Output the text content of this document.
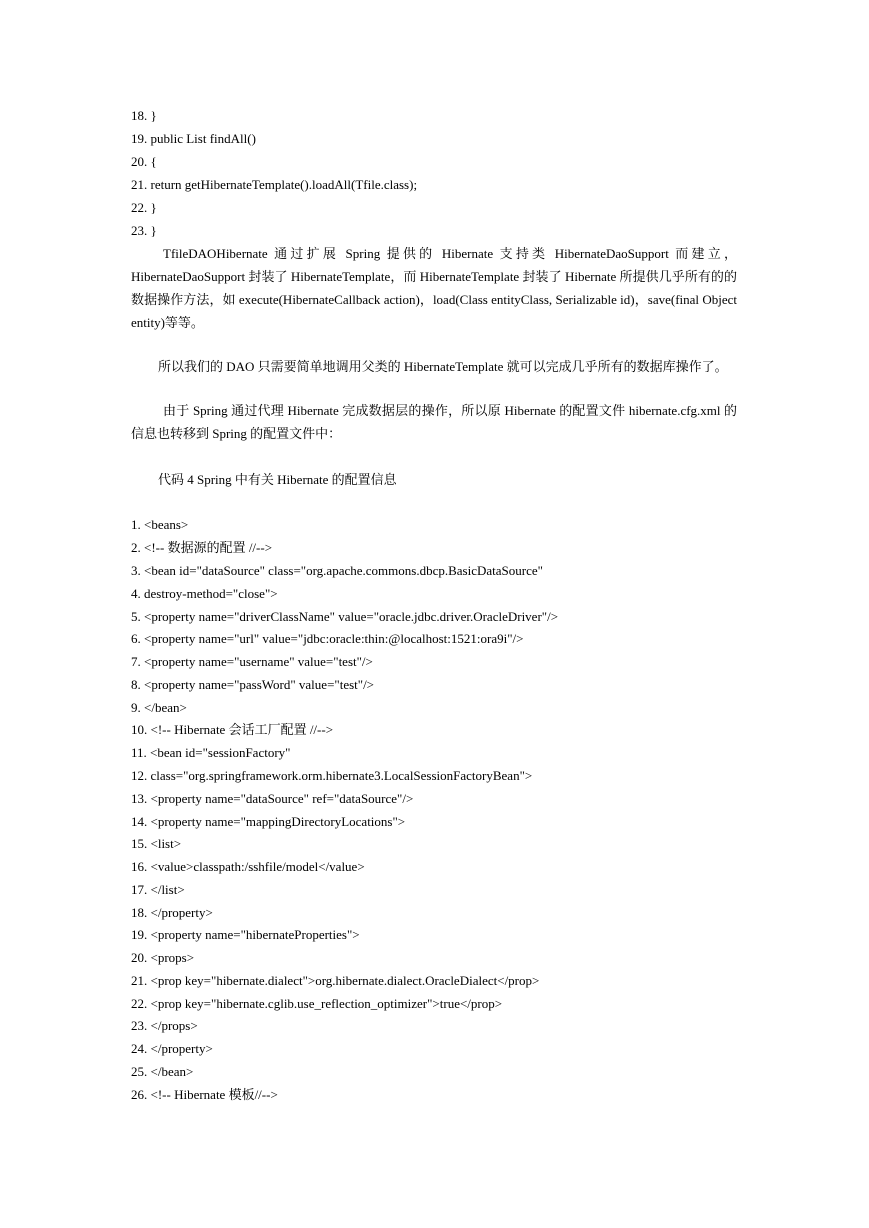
18. }
19. public List findAll()
20. {
21. return getHibernateTemplate().loadAll(Tfile.class);
22. }
23. }
TfileDAOHibernate 通过扩展 Spring 提供的 Hibernate 支持类 HibernateDaoSupport 而建立，HibernateDaoSupport 封装了 HibernateTemplate，而 HibernateTemplate 封装了 Hibernate 所提供几乎所有的的数据操作方法，如 execute(HibernateCallback action)，load(Class entityClass, Serializable id)，save(final Object entity)等等。
所以我们的 DAO 只需要简单地调用父类的 HibernateTemplate 就可以完成几乎所有的数据库操作了。
由于 Spring 通过代理 Hibernate 完成数据层的操作，所以原 Hibernate 的配置文件 hibernate.cfg.xml 的信息也转移到 Spring 的配置文件中：
代码 4 Spring 中有关 Hibernate 的配置信息
1. <beans>
2. <!-- 数据源的配置 //-->
3. <bean id="dataSource" class="org.apache.commons.dbcp.BasicDataSource"
4. destroy-method="close">
5. <property name="driverClassName" value="oracle.jdbc.driver.OracleDriver"/>
6. <property name="url" value="jdbc:oracle:thin:@localhost:1521:ora9i"/>
7. <property name="username" value="test"/>
8. <property name="passWord" value="test"/>
9. </bean>
10. <!-- Hibernate 会话工厂配置 //-->
11. <bean id="sessionFactory"
12. class="org.springframework.orm.hibernate3.LocalSessionFactoryBean">
13. <property name="dataSource" ref="dataSource"/>
14. <property name="mappingDirectoryLocations">
15. <list>
16. <value>classpath:/sshfile/model</value>
17. </list>
18. </property>
19. <property name="hibernateProperties">
20. <props>
21. <prop key="hibernate.dialect">org.hibernate.dialect.OracleDialect</prop>
22. <prop key="hibernate.cglib.use_reflection_optimizer">true</prop>
23. </props>
24. </property>
25. </bean>
26. <!-- Hibernate 模板//-->
